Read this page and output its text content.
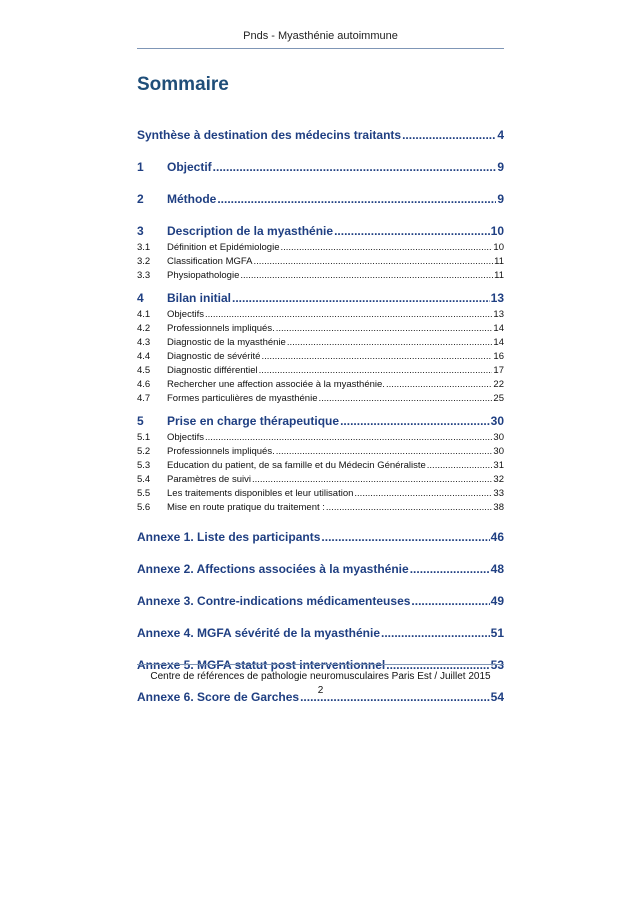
Pnds - Myasthénie autoimmune
Sommaire
Synthèse à destination des médecins traitants .....	4
1	Objectif .....	9
2	Méthode .....	9
3	Description de la myasthénie .....	10
3.1	Définition et Epidémiologie .....	10
3.2	Classification MGFA .....	11
3.3	Physiopathologie .....	11
4	Bilan initial .....	13
4.1	Objectifs .....	13
4.2	Professionnels impliqués. .....	14
4.3	Diagnostic de la myasthénie .....	14
4.4	Diagnostic de sévérité .....	16
4.5	Diagnostic différentiel .....	17
4.6	Rechercher une affection associée à la myasthénie. .....	22
4.7	Formes particulières de myasthénie .....	25
5	Prise en charge thérapeutique .....	30
5.1	Objectifs .....	30
5.2	Professionnels impliqués. .....	30
5.3	Education du patient, de sa famille et du Médecin Généraliste .....	31
5.4	Paramètres de suivi .....	32
5.5	Les traitements disponibles et leur utilisation .....	33
5.6	Mise en route pratique du traitement : .....	38
Annexe 1. Liste des participants .....	46
Annexe 2. Affections associées à la myasthénie .....	48
Annexe 3. Contre-indications médicamenteuses .....	49
Annexe 4. MGFA sévérité de la myasthénie .....	51
Annexe 5. MGFA statut post interventionnel .....	53
Annexe 6. Score de Garches .....	54
Centre de références de pathologie neuromusculaires Paris Est / Juillet 2015
2
